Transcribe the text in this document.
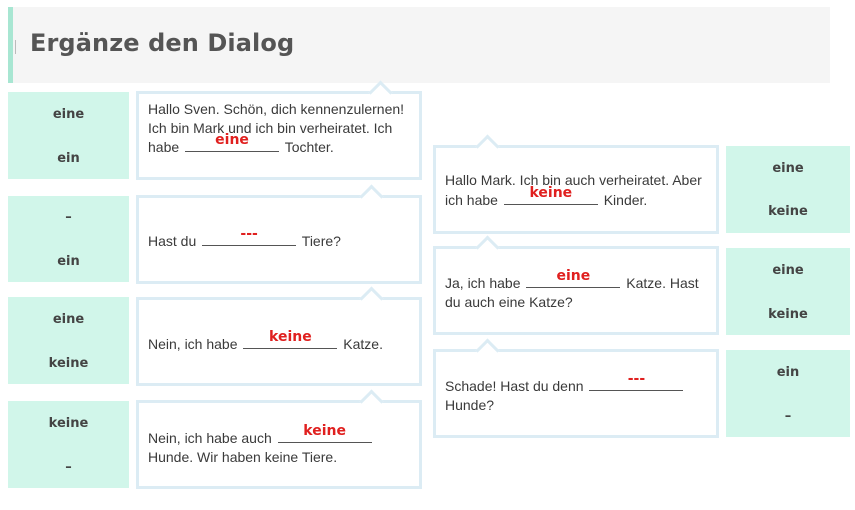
Ergänze den Dialog
eine
ein
–
ein
eine
keine
keine
–
Hallo Sven. Schön, dich kennenzulernen! Ich bin Mark und ich bin verheiratet. Ich habe	eine	Tochter.
Hast du	---	Tiere?
Nein, ich habe	keine	Katze.
Nein, ich habe auch	keine
Hunde. Wir haben keine Tiere.
Hallo Mark. Ich bin auch verheiratet. Aber ich habe	keine	Kinder.
Ja, ich habe	eine	Katze. Hast du auch eine Katze?
Schade! Hast du denn	---
Hunde?
eine
keine
eine
keine
ein
–
